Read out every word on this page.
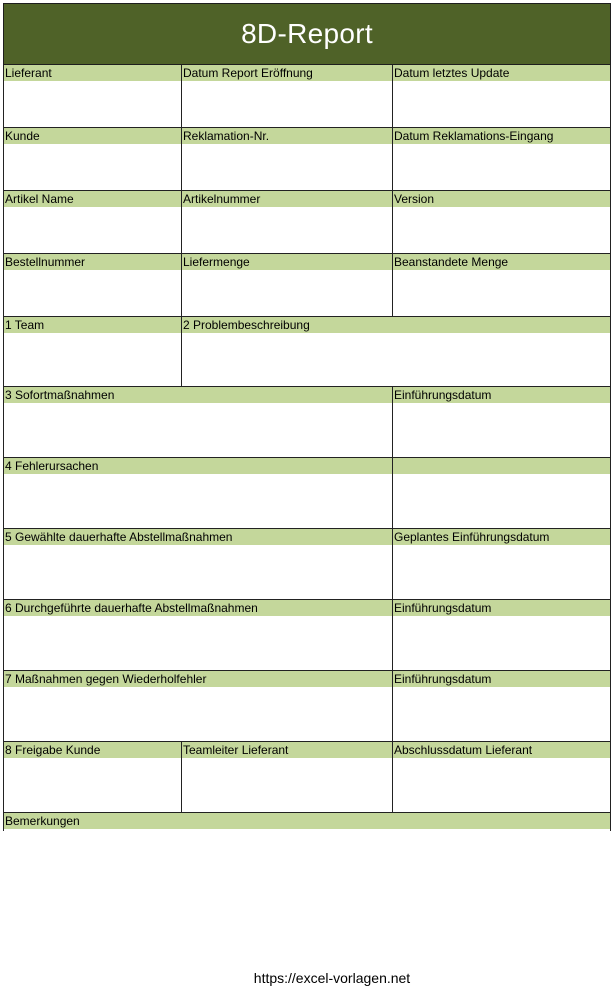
8D-Report
Lieferant	Datum Report Eröffnung	Datum letztes Update
Kunde	Reklamation-Nr.	Datum Reklamations-Eingang
Artikel Name	Artikelnummer	Version
Bestellnummer	Liefermenge	Beanstandete Menge
1 Team	2 Problembeschreibung
3 Sofortmaßnahmen	Einführungsdatum
4 Fehlerursachen
5 Gewählte dauerhafte Abstellmaßnahmen	Geplantes Einführungsdatum
6 Durchgeführte dauerhafte Abstellmaßnahmen	Einführungsdatum
7 Maßnahmen gegen Wiederholfehler	Einführungsdatum
8 Freigabe Kunde	Teamleiter Lieferant	Abschlussdatum Lieferant
Bemerkungen
https://excel-vorlagen.net
